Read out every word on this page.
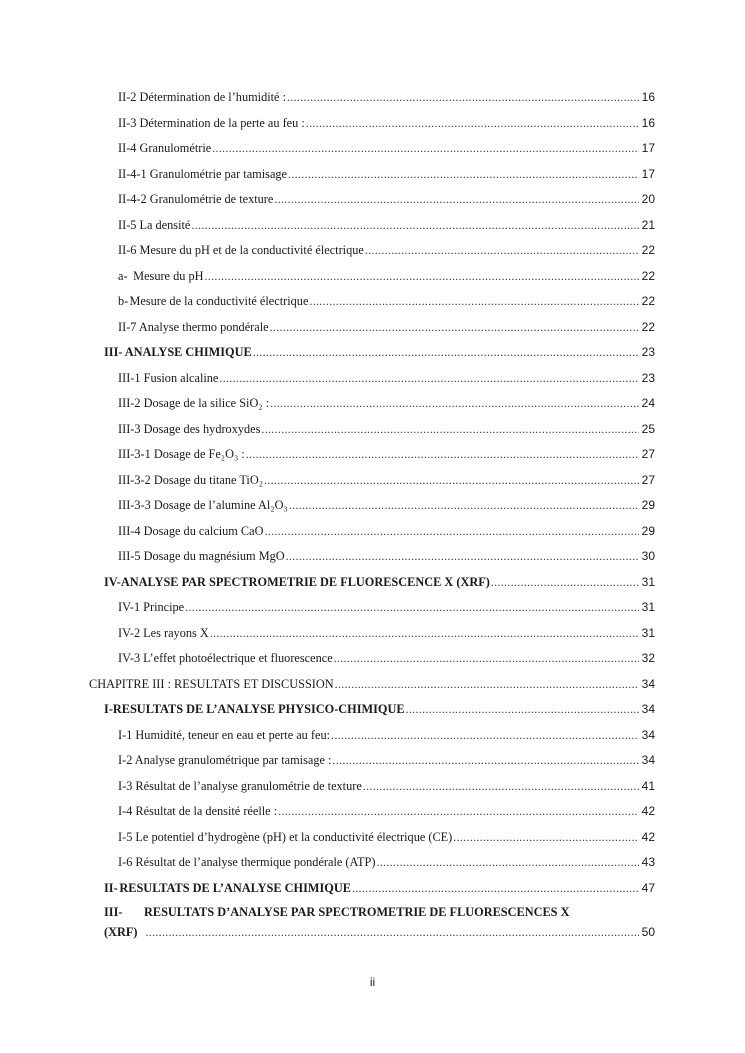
II-2 Détermination de l’humidité : .....	16
II-3 Détermination de la perte au feu : .....	16
II-4 Granulométrie .....	17
II-4-1 Granulométrie par tamisage .....	17
II-4-2 Granulométrie de texture .....	20
II-5 La densité .....	21
II-6 Mesure du pH et de la conductivité électrique .....	22
a- Mesure du pH .....	22
b- Mesure de la conductivité électrique .....	22
II-7 Analyse thermo pondérale .....	22
III- ANALYSE CHIMIQUE .....	23
III-1 Fusion alcaline .....	23
III-2 Dosage de la silice SiO₂ : .....	24
III-3 Dosage des hydroxydes .....	25
III-3-1 Dosage de Fe₂O₃ : .....	27
III-3-2 Dosage du titane TiO₂ .....	27
III-3-3 Dosage de l’alumine Al₂O₃ .....	29
III-4 Dosage du calcium CaO .....	29
III-5 Dosage du magnésium MgO .....	30
IV- ANALYSE PAR SPECTROMETRIE DE FLUORESCENCE X (XRF) .....	31
IV-1 Principe .....	31
IV-2 Les rayons X .....	31
IV-3 L’effet photoélectrique et fluorescence .....	32
CHAPITRE III : RESULTATS ET DISCUSSION .....	34
I- RESULTATS DE L’ANALYSE PHYSICO-CHIMIQUE .....	34
I-1 Humidité, teneur en eau et perte au feu: .....	34
I-2 Analyse granulométrique par tamisage : .....	34
I-3 Résultat de l’analyse granulométrie de texture .....	41
I-4 Résultat de la densité réelle : .....	42
I-5 Le potentiel d’hydrogène (pH) et la conductivité électrique (CE) .....	42
I-6 Résultat de l’analyse thermique pondérale (ATP) .....	43
II- RESULTATS DE L’ANALYSE CHIMIQUE .....	47
III- RESULTATS D’ANALYSE PAR SPECTROMETRIE DE FLUORESCENCES X
(XRF) .....	50
ii
